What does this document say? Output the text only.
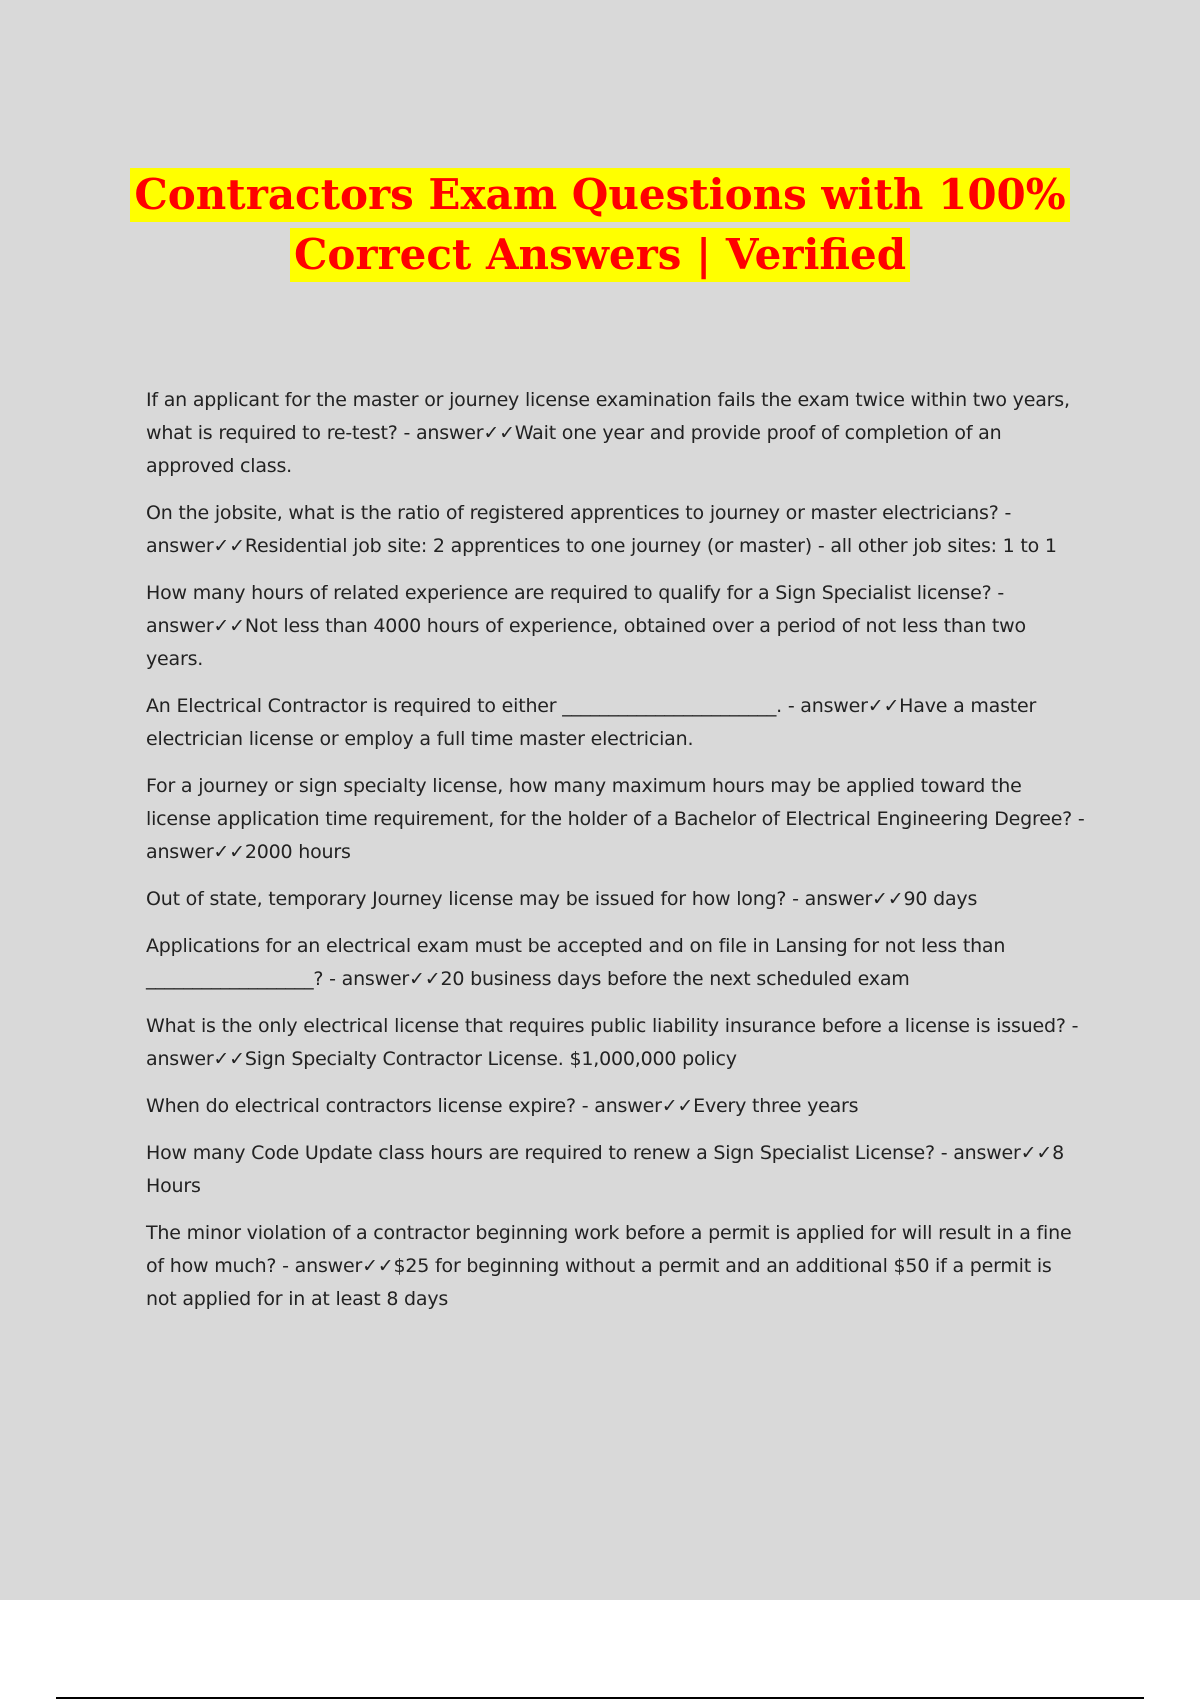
Contractors Exam Questions with 100%
Correct Answers | Verified

If an applicant for the master or journey license examination fails the exam twice within two years, what is required to re-test? - answer✓✓Wait one year and provide proof of completion of an approved class.

On the jobsite, what is the ratio of registered apprentices to journey or master electricians? - answer✓✓Residential job site: 2 apprentices to one journey (or master) - all other job sites: 1 to 1

How many hours of related experience are required to qualify for a Sign Specialist license? - answer✓✓Not less than 4000 hours of experience, obtained over a period of not less than two years.

An Electrical Contractor is required to either _______________________. - answer✓✓Have a master electrician license or employ a full time master electrician.

For a journey or sign specialty license, how many maximum hours may be applied toward the license application time requirement, for the holder of a Bachelor of Electrical Engineering Degree? - answer✓✓2000 hours

Out of state, temporary Journey license may be issued for how long? - answer✓✓90 days

Applications for an electrical exam must be accepted and on file in Lansing for not less than __________________? - answer✓✓20 business days before the next scheduled exam

What is the only electrical license that requires public liability insurance before a license is issued? - answer✓✓Sign Specialty Contractor License. $1,000,000 policy

When do electrical contractors license expire? - answer✓✓Every three years

How many Code Update class hours are required to renew a Sign Specialist License? - answer✓✓8 Hours

The minor violation of a contractor beginning work before a permit is applied for will result in a fine of how much? - answer✓✓$25 for beginning without a permit and an additional $50 if a permit is not applied for in at least 8 days
